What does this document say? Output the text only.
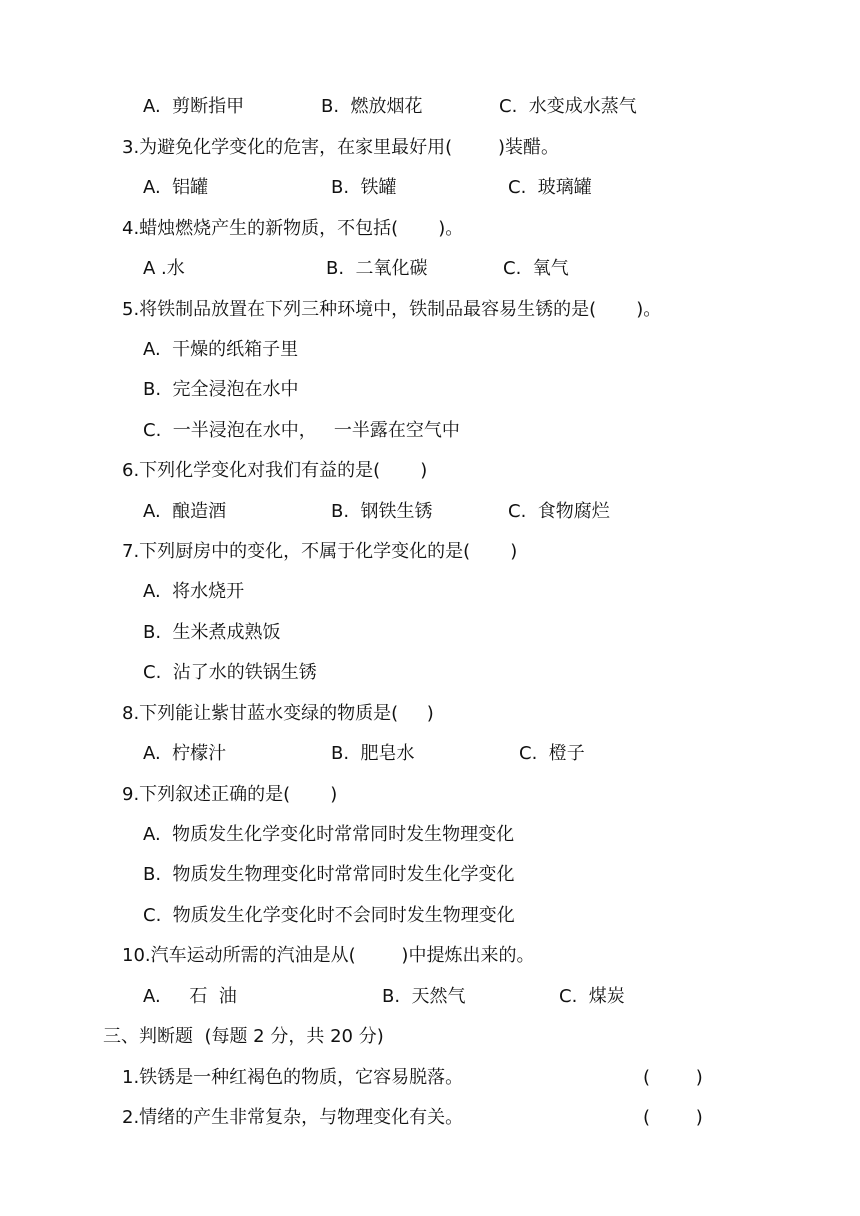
A.  剪断指甲	B.  燃放烟花	C.  水变成水蒸气
3.为避免化学变化的危害，在家里最好用(        )装醋。
A.  铝罐	B.  铁罐	C.  玻璃罐
4.蜡烛燃烧产生的新物质，不包括(       )。
A .水	B.  二氧化碳	C.  氧气
5.将铁制品放置在下列三种环境中，铁制品最容易生锈的是(       )。
A.  干燥的纸箱子里
B.  完全浸泡在水中
C.  一半浸泡在水中，   一半露在空气中
6.下列化学变化对我们有益的是(       )
A.  酿造酒	B.  钢铁生锈	C.  食物腐烂
7.下列厨房中的变化，不属于化学变化的是(       )
A.  将水烧开
B.  生米煮成熟饭
C.  沾了水的铁锅生锈
8.下列能让紫甘蓝水变绿的物质是(     )
A.  柠檬汁	B.  肥皂水	C.  橙子
9.下列叙述正确的是(       )
A.  物质发生化学变化时常常同时发生物理变化
B.  物质发生物理变化时常常同时发生化学变化
C.  物质发生化学变化时不会同时发生物理变化
10.汽车运动所需的汽油是从(        )中提炼出来的。
A.     石  油	B.  天然气	C.  煤炭
三、判断题  (每题 2 分，共 20 分)
1.铁锈是一种红褐色的物质，它容易脱落。	(        )
2.情绪的产生非常复杂，与物理变化有关。	(        )
